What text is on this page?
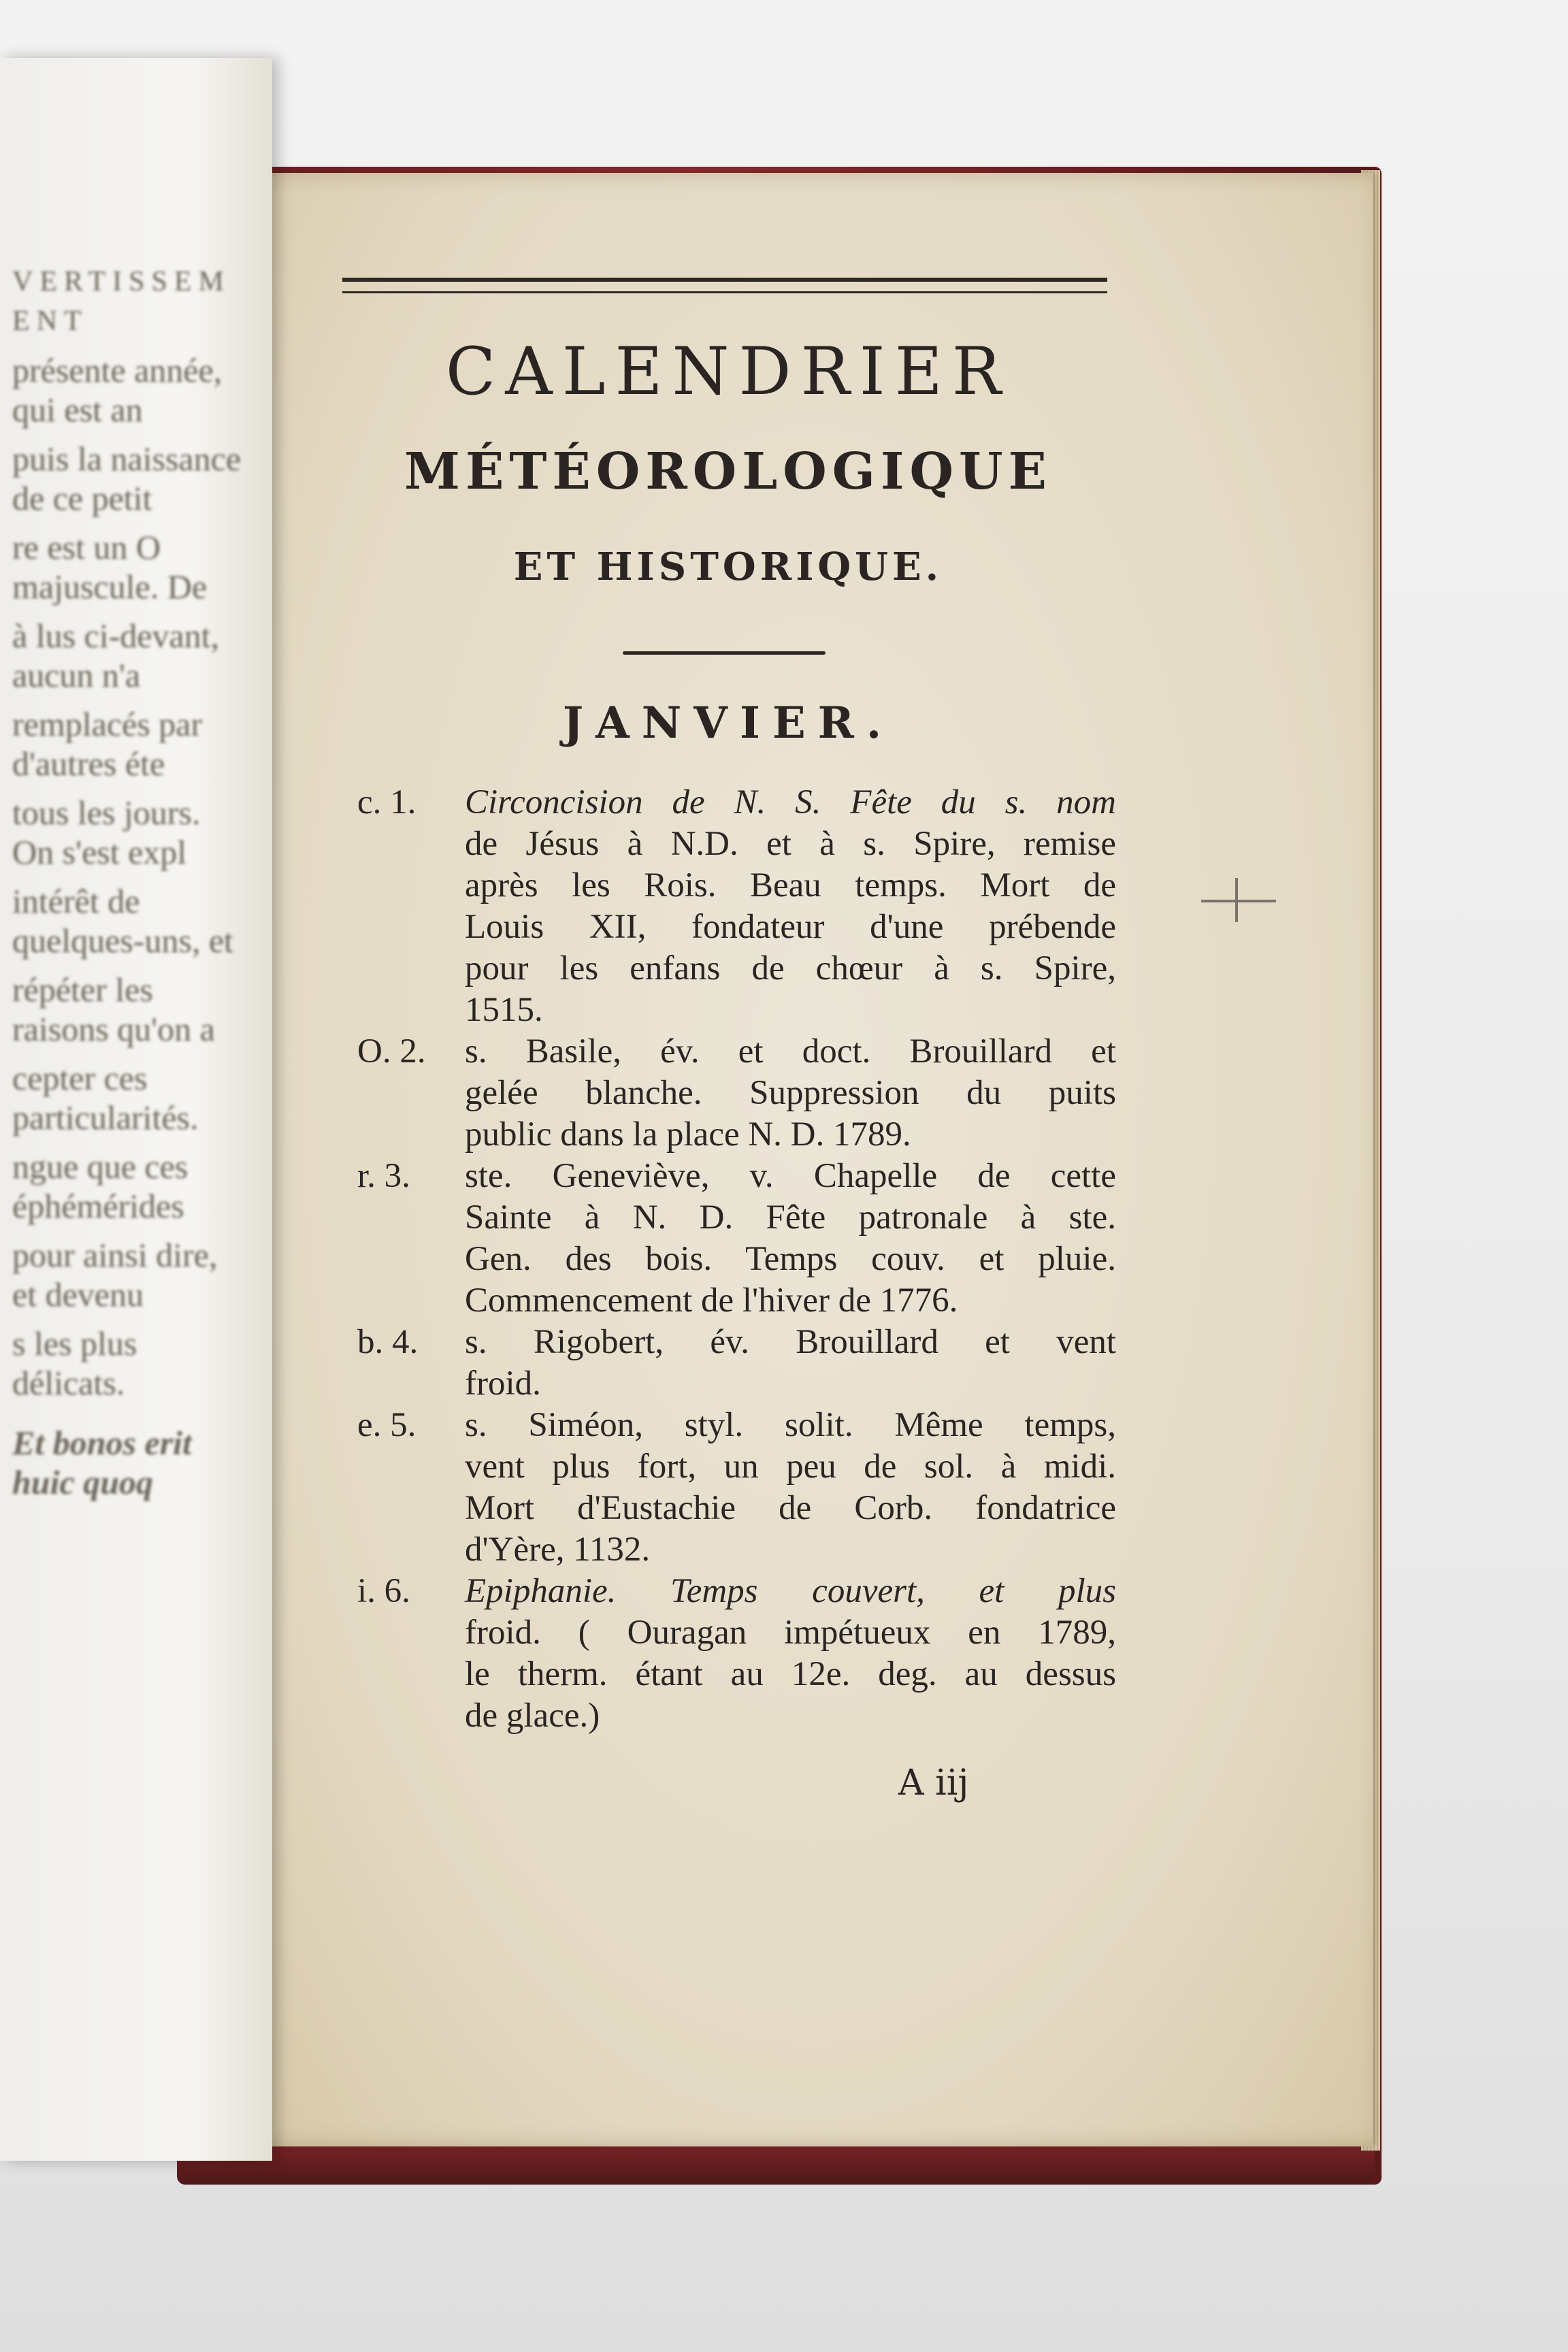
VERTISSEMENT
présente année, qui est an
puis la naissance de ce petit
re est un O majuscule. De
à lus ci-devant, aucun n'a
remplacés par d'autres éte
tous les jours. On s'est expl
intérêt de quelques-uns, et
répéter les raisons qu'on a
cepter ces particularités.
ngue que ces éphémérides
pour ainsi dire, et devenu
s les plus délicats.
Et bonos erit huic quoq
CALENDRIER
MÉTÉOROLOGIQUE
ET HISTORIQUE.
JANVIER.
c. 1. Circoncision de N. S. Fête du s. nom
de Jésus à N.D. et à s. Spire, remise
après les Rois. Beau temps. Mort de
Louis XII, fondateur d'une prébende
pour les enfans de chœur à s. Spire,
1515.
O. 2. s. Basile, év. et doct. Brouillard et
gelée blanche. Suppression du puits
public dans la place N. D. 1789.
r. 3. ste. Geneviève, v. Chapelle de cette
Sainte à N. D. Fête patronale à ste.
Gen. des bois. Temps couv. et pluie.
Commencement de l'hiver de 1776.
b. 4. s. Rigobert, év. Brouillard et vent
froid.
e. 5. s. Siméon, styl. solit. Même temps,
vent plus fort, un peu de sol. à midi.
Mort d'Eustachie de Corb. fondatrice
d'Yère, 1132.
i. 6. Epiphanie. Temps couvert, et plus
froid. ( Ouragan impétueux en 1789,
le therm. étant au 12e. deg. au dessus
de glace.)
A iij
